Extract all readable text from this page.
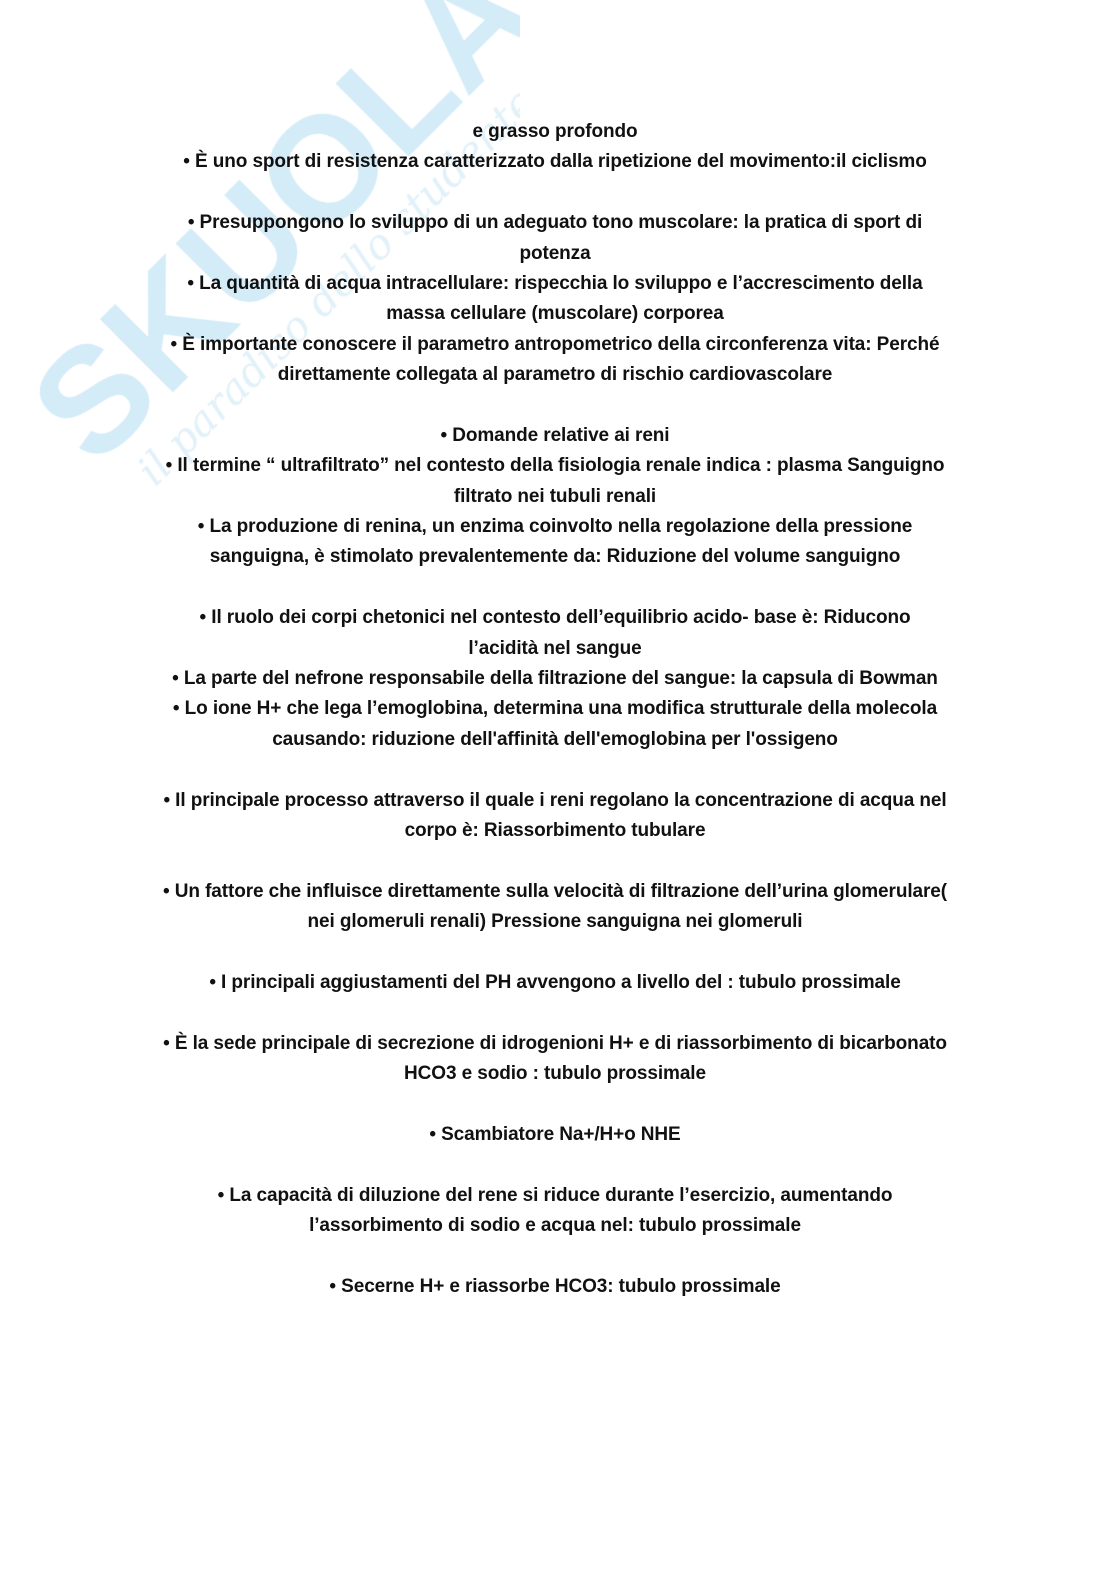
e grasso profondo
• È uno sport di resistenza caratterizzato dalla ripetizione del movimento:il ciclismo
• Presuppongono lo sviluppo di un adeguato tono muscolare: la pratica di sport di
potenza
• La quantità di acqua intracellulare: rispecchia lo sviluppo e l’accrescimento della
massa cellulare (muscolare) corporea
• È importante conoscere il parametro antropometrico della circonferenza vita: Perché
direttamente collegata al parametro di rischio cardiovascolare
• Domande relative ai reni
• Il termine “ ultrafiltrato” nel contesto della fisiologia renale indica : plasma Sanguigno
filtrato nei tubuli renali
• La produzione di renina, un enzima coinvolto nella regolazione della pressione
sanguigna, è stimolato prevalentemente da: Riduzione del volume sanguigno
• Il ruolo dei corpi chetonici nel contesto dell’equilibrio acido- base è: Riducono
l’acidità nel sangue
• La parte del nefrone responsabile della filtrazione del sangue: la capsula di Bowman
• Lo ione H+ che lega l’emoglobina, determina una modifica strutturale della molecola
causando: riduzione dell'affinità dell'emoglobina per l'ossigeno
• Il principale processo attraverso il quale i reni regolano la concentrazione di acqua nel
corpo è: Riassorbimento tubulare
• Un fattore che influisce direttamente sulla velocità di filtrazione dell’urina glomerulare(
nei glomeruli renali) Pressione sanguigna nei glomeruli
• I principali aggiustamenti del PH avvengono a livello del : tubulo prossimale
• È la sede principale di secrezione di idrogenioni H+ e di riassorbimento di bicarbonato
HCO3 e sodio : tubulo prossimale
• Scambiatore Na+/H+o NHE
• La capacità di diluzione del rene si riduce durante l’esercizio, aumentando
l’assorbimento di sodio e acqua nel: tubulo prossimale
• Secerne H+ e riassorbe HCO3: tubulo prossimale
